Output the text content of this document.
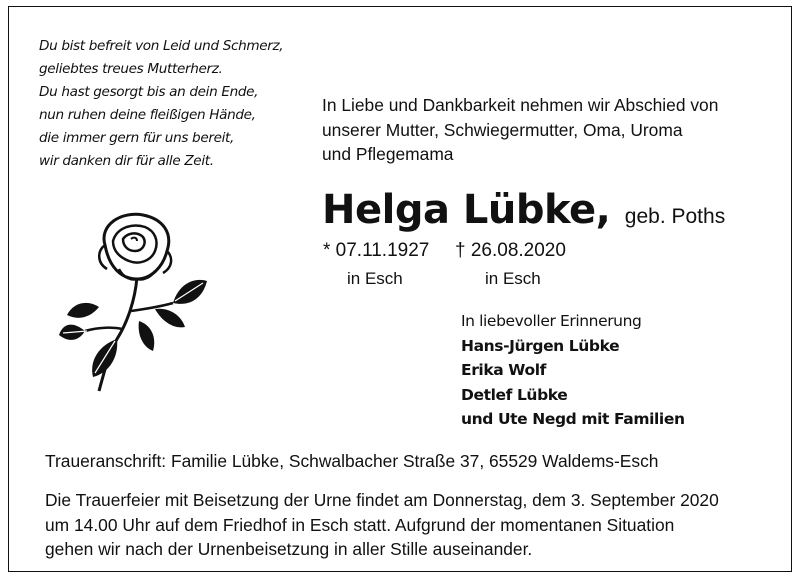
Du bist befreit von Leid und Schmerz,
geliebtes treues Mutterherz.
Du hast gesorgt bis an dein Ende,
nun ruhen deine fleißigen Hände,
die immer gern für uns bereit,
wir danken dir für alle Zeit.
In Liebe und Dankbarkeit nehmen wir Abschied von
unserer Mutter, Schwiegermutter, Oma, Uroma
und Pflegemama
Helga Lübke, geb. Poths
* 07.11.1927 † 26.08.2020
in Esch	in Esch
In liebevoller Erinnerung
Hans-Jürgen Lübke
Erika Wolf
Detlef Lübke
und Ute Negd mit Familien
Traueranschrift: Familie Lübke, Schwalbacher Straße 37, 65529 Waldems-Esch
Die Trauerfeier mit Beisetzung der Urne findet am Donnerstag, dem 3. September 2020
um 14.00 Uhr auf dem Friedhof in Esch statt. Aufgrund der momentanen Situation
gehen wir nach der Urnenbeisetzung in aller Stille auseinander.
